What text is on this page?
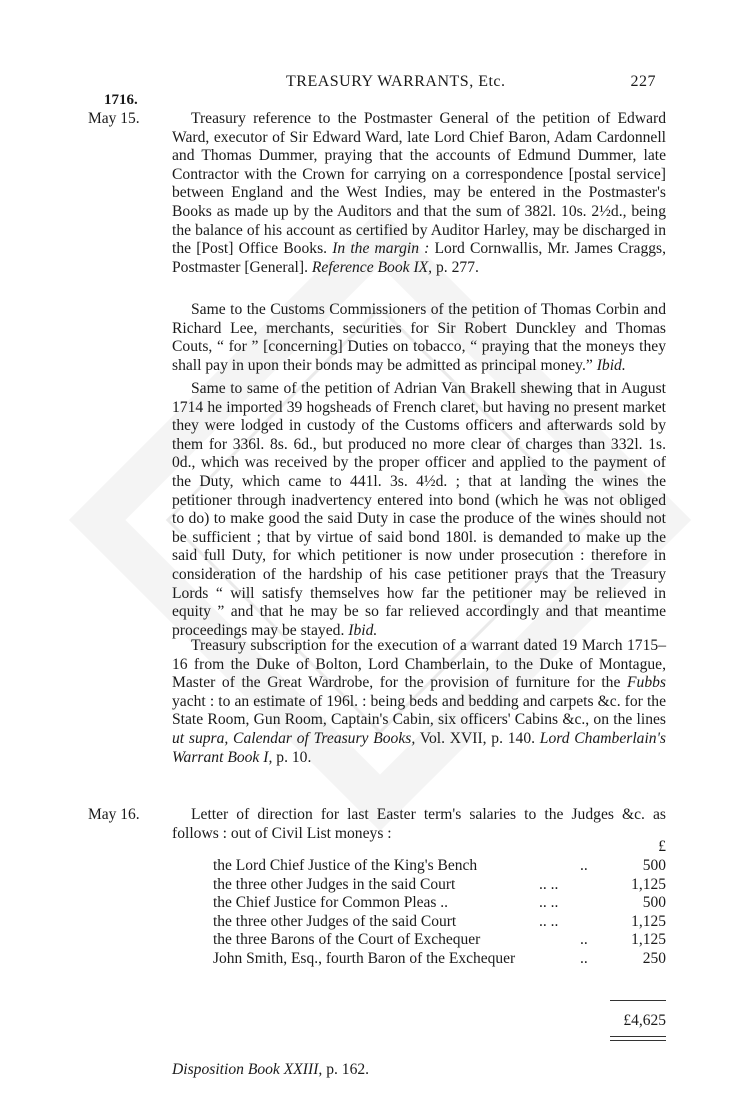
TREASURY WARRANTS, Etc.	227
1716.
May 15.	Treasury reference to the Postmaster General of the petition of Edward Ward, executor of Sir Edward Ward, late Lord Chief Baron, Adam Cardonnell and Thomas Dummer, praying that the accounts of Edmund Dummer, late Contractor with the Crown for carrying on a correspondence [postal service] between England and the West Indies, may be entered in the Postmaster's Books as made up by the Auditors and that the sum of 382l. 10s. 2½d., being the balance of his account as certified by Auditor Harley, may be discharged in the [Post] Office Books. In the margin : Lord Cornwallis, Mr. James Craggs, Postmaster [General]. Reference Book IX, p. 277.

Same to the Customs Commissioners of the petition of Thomas Corbin and Richard Lee, merchants, securities for Sir Robert Dunckley and Thomas Couts, “ for ” [concerning] Duties on tobacco, “ praying that the moneys they shall pay in upon their bonds may be admitted as principal money.” Ibid.

Same to same of the petition of Adrian Van Brakell shewing that in August 1714 he imported 39 hogsheads of French claret, but having no present market they were lodged in custody of the Customs officers and afterwards sold by them for 336l. 8s. 6d., but produced no more clear of charges than 332l. 1s. 0d., which was received by the proper officer and applied to the payment of the Duty, which came to 441l. 3s. 4½d. ; that at landing the wines the petitioner through inadvertency entered into bond (which he was not obliged to do) to make good the said Duty in case the produce of the wines should not be sufficient ; that by virtue of said bond 180l. is demanded to make up the said full Duty, for which petitioner is now under prosecution : therefore in consideration of the hardship of his case petitioner prays that the Treasury Lords “ will satisfy themselves how far the petitioner may be relieved in equity ” and that he may be so far relieved accordingly and that meantime proceedings may be stayed. Ibid.

Treasury subscription for the execution of a warrant dated 19 March 1715–16 from the Duke of Bolton, Lord Chamberlain, to the Duke of Montague, Master of the Great Wardrobe, for the provision of furniture for the Fubbs yacht : to an estimate of 196l. : being beds and bedding and carpets &c. for the State Room, Gun Room, Captain's Cabin, six officers' Cabins &c., on the lines ut supra, Calendar of Treasury Books, Vol. XVII, p. 140. Lord Chamberlain's Warrant Book I, p. 10.

May 16.	Letter of direction for last Easter term's salaries to the Judges &c. as follows : out of Civil List moneys :

£
the Lord Chief Justice of the King's Bench	..	500
the three other Judges in the said Court	.. ..	1,125
the Chief Justice for Common Pleas ..	.. ..	500
the three other Judges of the said Court	.. ..	1,125
the three Barons of the Court of Exchequer	..	1,125
John Smith, Esq., fourth Baron of the Exchequer	..	250
£4,625
Disposition Book XXIII, p. 162.
